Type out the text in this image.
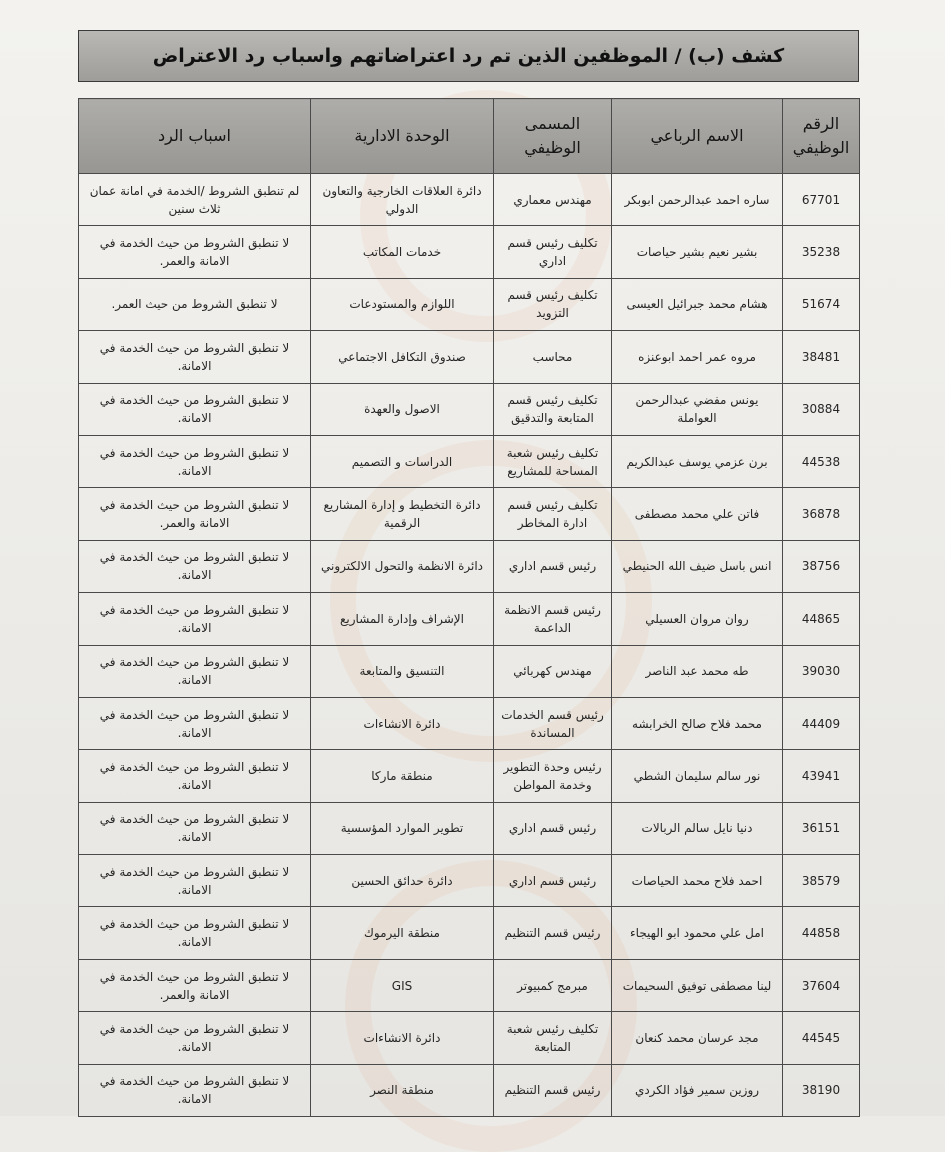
كشف (ب) / الموظفين الذين تم رد اعتراضاتهم واسباب رد الاعتراض
الرقم الوظيفي	الاسم الرباعي	المسمى الوظيفي	الوحدة الادارية	اسباب الرد
67701	ساره احمد عبدالرحمن ابوبكر	مهندس معماري	دائرة العلاقات الخارجية والتعاون الدولي	لم تنطبق الشروط /الخدمة في امانة عمان ثلاث سنين
35238	بشير نعيم بشير حياصات	تكليف رئيس قسم اداري	خدمات المكاتب	لا تنطبق الشروط من حيث الخدمة في الامانة والعمر.
51674	هشام محمد جبرائيل العيسى	تكليف رئيس قسم التزويد	اللوازم والمستودعات	لا تنطبق الشروط من حيث العمر.
38481	مروه عمر احمد ابوعنزه	محاسب	صندوق التكافل الاجتماعي	لا تنطبق الشروط من حيث الخدمة في الامانة.
30884	يونس مفضي عبدالرحمن العواملة	تكليف رئيس قسم المتابعة والتدقيق	الاصول والعهدة	لا تنطبق الشروط من حيث الخدمة في الامانة.
44538	برن عزمي يوسف عبدالكريم	تكليف رئيس شعبة المساحة للمشاريع	الدراسات و التصميم	لا تنطبق الشروط من حيث الخدمة في الامانة.
36878	فاتن علي محمد مصطفى	تكليف رئيس قسم ادارة المخاطر	دائرة التخطيط و إدارة المشاريع الرقمية	لا تنطبق الشروط من حيث الخدمة في الامانة والعمر.
38756	انس باسل ضيف الله الحنيطي	رئيس قسم اداري	دائرة الانظمة والتحول الالكتروني	لا تنطبق الشروط من حيث الخدمة في الامانة.
44865	روان مروان العسيلي	رئيس قسم الانظمة الداعمة	الإشراف وإدارة المشاريع	لا تنطبق الشروط من حيث الخدمة في الامانة.
39030	طه محمد عبد الناصر	مهندس كهربائي	التنسيق والمتابعة	لا تنطبق الشروط من حيث الخدمة في الامانة.
44409	محمد فلاح صالح الخرابشه	رئيس قسم الخدمات المساندة	دائرة الانشاءات	لا تنطبق الشروط من حيث الخدمة في الامانة.
43941	نور سالم سليمان الشطي	رئيس وحدة التطوير وخدمة المواطن	منطقة ماركا	لا تنطبق الشروط من حيث الخدمة في الامانة.
36151	دنيا نايل سالم الربالات	رئيس قسم اداري	تطوير الموارد المؤسسية	لا تنطبق الشروط من حيث الخدمة في الامانة.
38579	احمد فلاح محمد الحياصات	رئيس قسم اداري	دائرة حدائق الحسين	لا تنطبق الشروط من حيث الخدمة في الامانة.
44858	امل علي محمود ابو الهيجاء	رئيس قسم التنظيم	منطقة اليرموك	لا تنطبق الشروط من حيث الخدمة في الامانة.
37604	لينا مصطفى توفيق السحيمات	مبرمج كمبيوتر	GIS	لا تنطبق الشروط من حيث الخدمة في الامانة والعمر.
44545	مجد عرسان محمد كنعان	تكليف رئيس شعبة المتابعة	دائرة الانشاءات	لا تنطبق الشروط من حيث الخدمة في الامانة.
38190	روزين سمير فؤاد الكردي	رئيس قسم التنظيم	منطقة النصر	لا تنطبق الشروط من حيث الخدمة في الامانة.
